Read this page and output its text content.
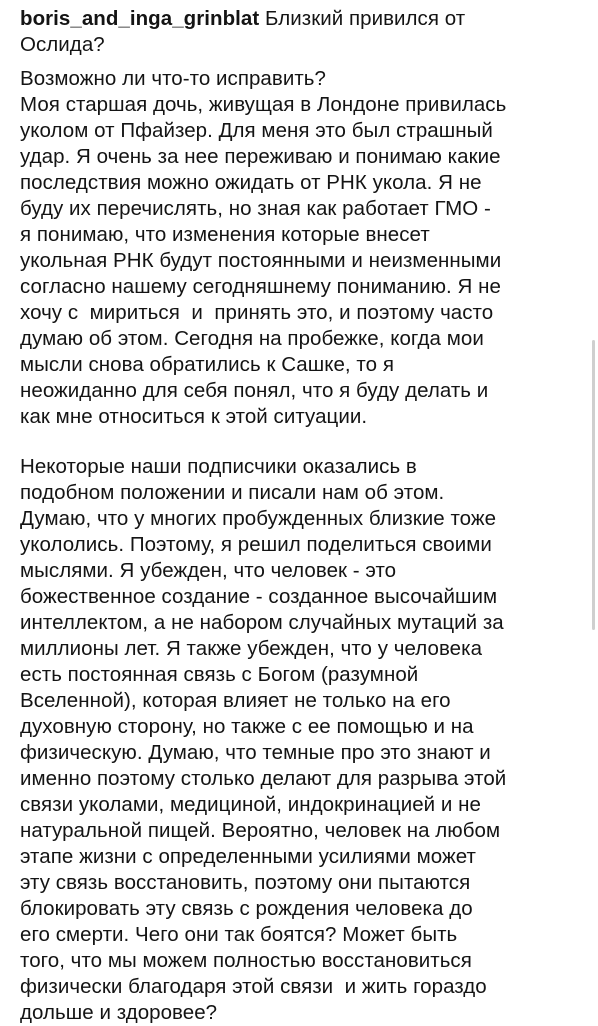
boris_and_inga_grinblat Близкий привился от
Ослида?
Возможно ли что-то исправить?
Моя старшая дочь, живущая в Лондоне привилась
уколом от Пфайзер. Для меня это был страшный
удар. Я очень за нее переживаю и понимаю какие
последствия можно ожидать от РНК укола. Я не
буду их перечислять, но зная как работает ГМО -
я понимаю, что изменения которые внесет
укольная РНК будут постоянными и неизменными
согласно нашему сегодняшнему пониманию. Я не
хочу с  мириться  и  принять это, и поэтому часто
думаю об этом. Сегодня на пробежке, когда мои
мысли снова обратились к Сашке, то я
неожиданно для себя понял, что я буду делать и
как мне относиться к этой ситуации.
Некоторые наши подписчики оказались в
подобном положении и писали нам об этом.
Думаю, что у многих пробужденных близкие тоже
укололись. Поэтому, я решил поделиться своими
мыслями. Я убежден, что человек - это
божественное создание - созданное высочайшим
интеллектом, а не набором случайных мутаций за
миллионы лет. Я также убежден, что у человека
есть постоянная связь с Богом (разумной
Вселенной), которая влияет не только на его
духовную сторону, но также с ее помощью и на
физическую. Думаю, что темные про это знают и
именно поэтому столько делают для разрыва этой
связи уколами, медициной, индокринацией и не
натуральной пищей. Вероятно, человек на любом
этапе жизни с определенными усилиями может
эту связь восстановить, поэтому они пытаются
блокировать эту связь с рождения человека до
его смерти. Чего они так боятся? Может быть
того, что мы можем полностью восстановиться
физически благодаря этой связи  и жить гораздо
дольше и здоровее?
